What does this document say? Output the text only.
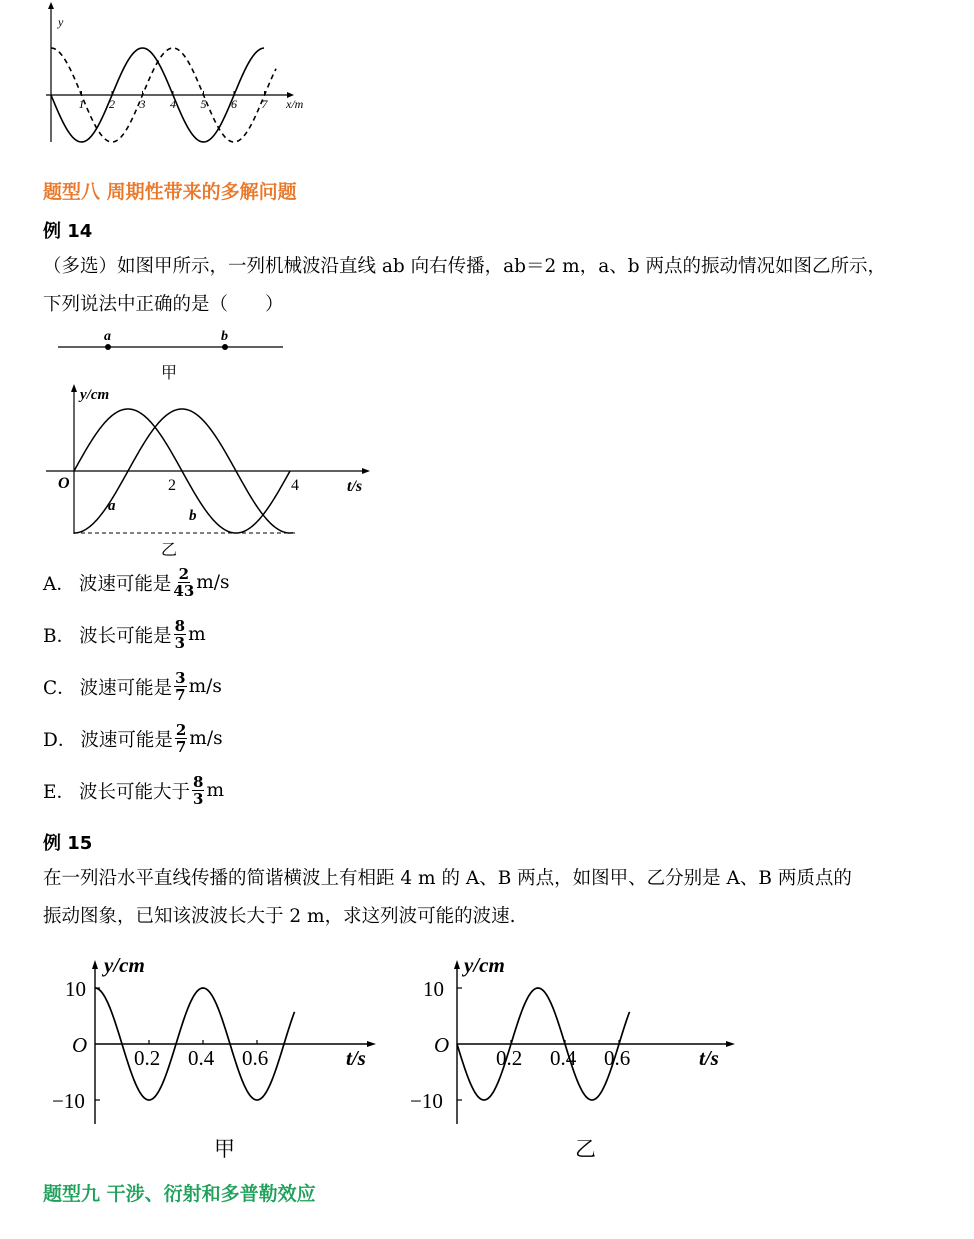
y
x/m
1 2 3 4 5 6 7
题型八 周期性带来的多解问题
例 14
（多选）如图甲所示，一列机械波沿直线 ab 向右传播，ab＝2 m，a、b 两点的振动情况如图乙所示，
下列说法中正确的是（　　）
a	b
甲
y/cm
O	2	4	t/s
a
b
乙
A． 波速可能是 $\frac{2}{43} m/s$
B． 波长可能是 $\frac{8}{3}$ m
C． 波速可能是 $\frac{3}{7} m/s$
D． 波速可能是 $\frac{2}{7} m/s$
E． 波长可能大于 $\frac{8}{3}$ m
例 15
在一列沿水平直线传播的简谐横波上有相距 4 m 的 A、B 两点，如图甲、乙分别是 A、B 两质点的
振动图象，已知该波波长大于 2 m，求这列波可能的波速.
y/cm
10
O
−10
t/s
0.2 0.4 0.6
甲
y/cm
10
O
−10
t/s
0.2 0.4 0.6
乙
题型九 干涉、衍射和多普勒效应
